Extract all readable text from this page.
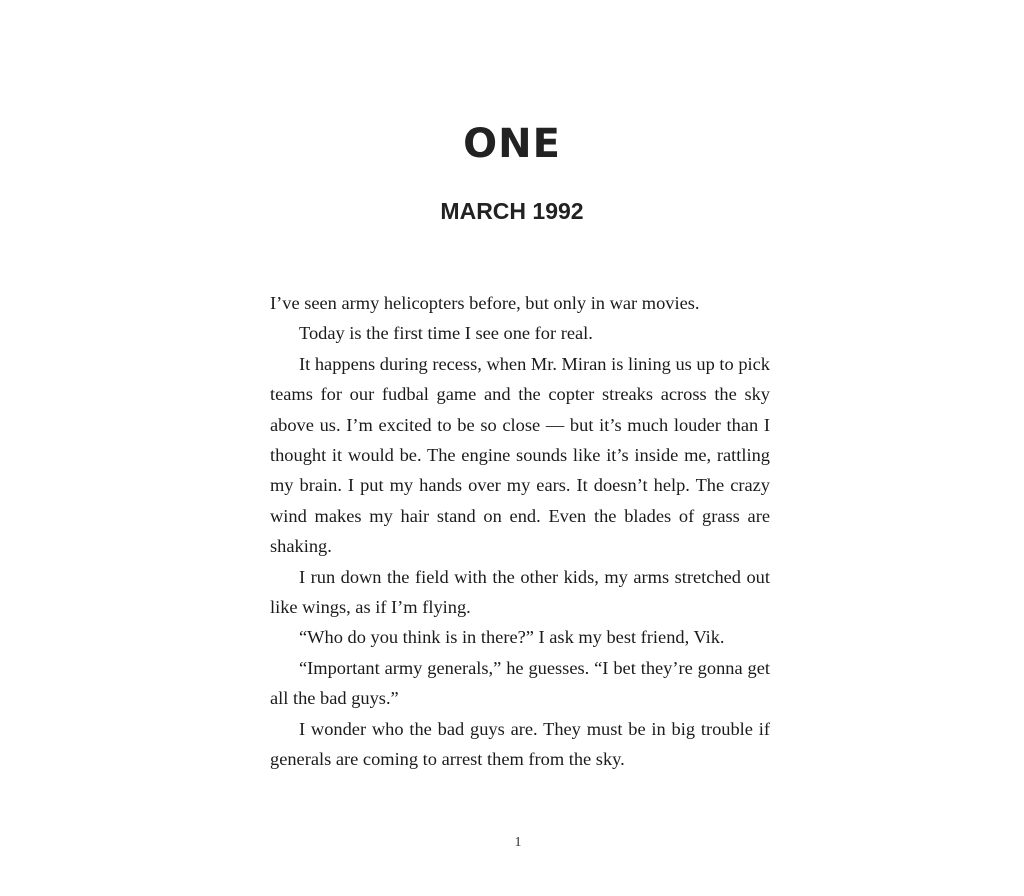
ONE
MARCH 1992

I’ve seen army helicopters before, but only in war movies.

Today is the first time I see one for real.

It happens during recess, when Mr. Miran is lining us up to pick teams for our fudbal game and the copter streaks across the sky above us. I’m excited to be so close — but it’s much louder than I thought it would be. The engine sounds like it’s inside me, rattling my brain. I put my hands over my ears. It doesn’t help. The crazy wind makes my hair stand on end. Even the blades of grass are shaking.

I run down the field with the other kids, my arms stretched out like wings, as if I’m flying.

“Who do you think is in there?” I ask my best friend, Vik.

“Important army generals,” he guesses. “I bet they’re gonna get all the bad guys.”

I wonder who the bad guys are. They must be in big trouble if generals are coming to arrest them from the sky.

1
